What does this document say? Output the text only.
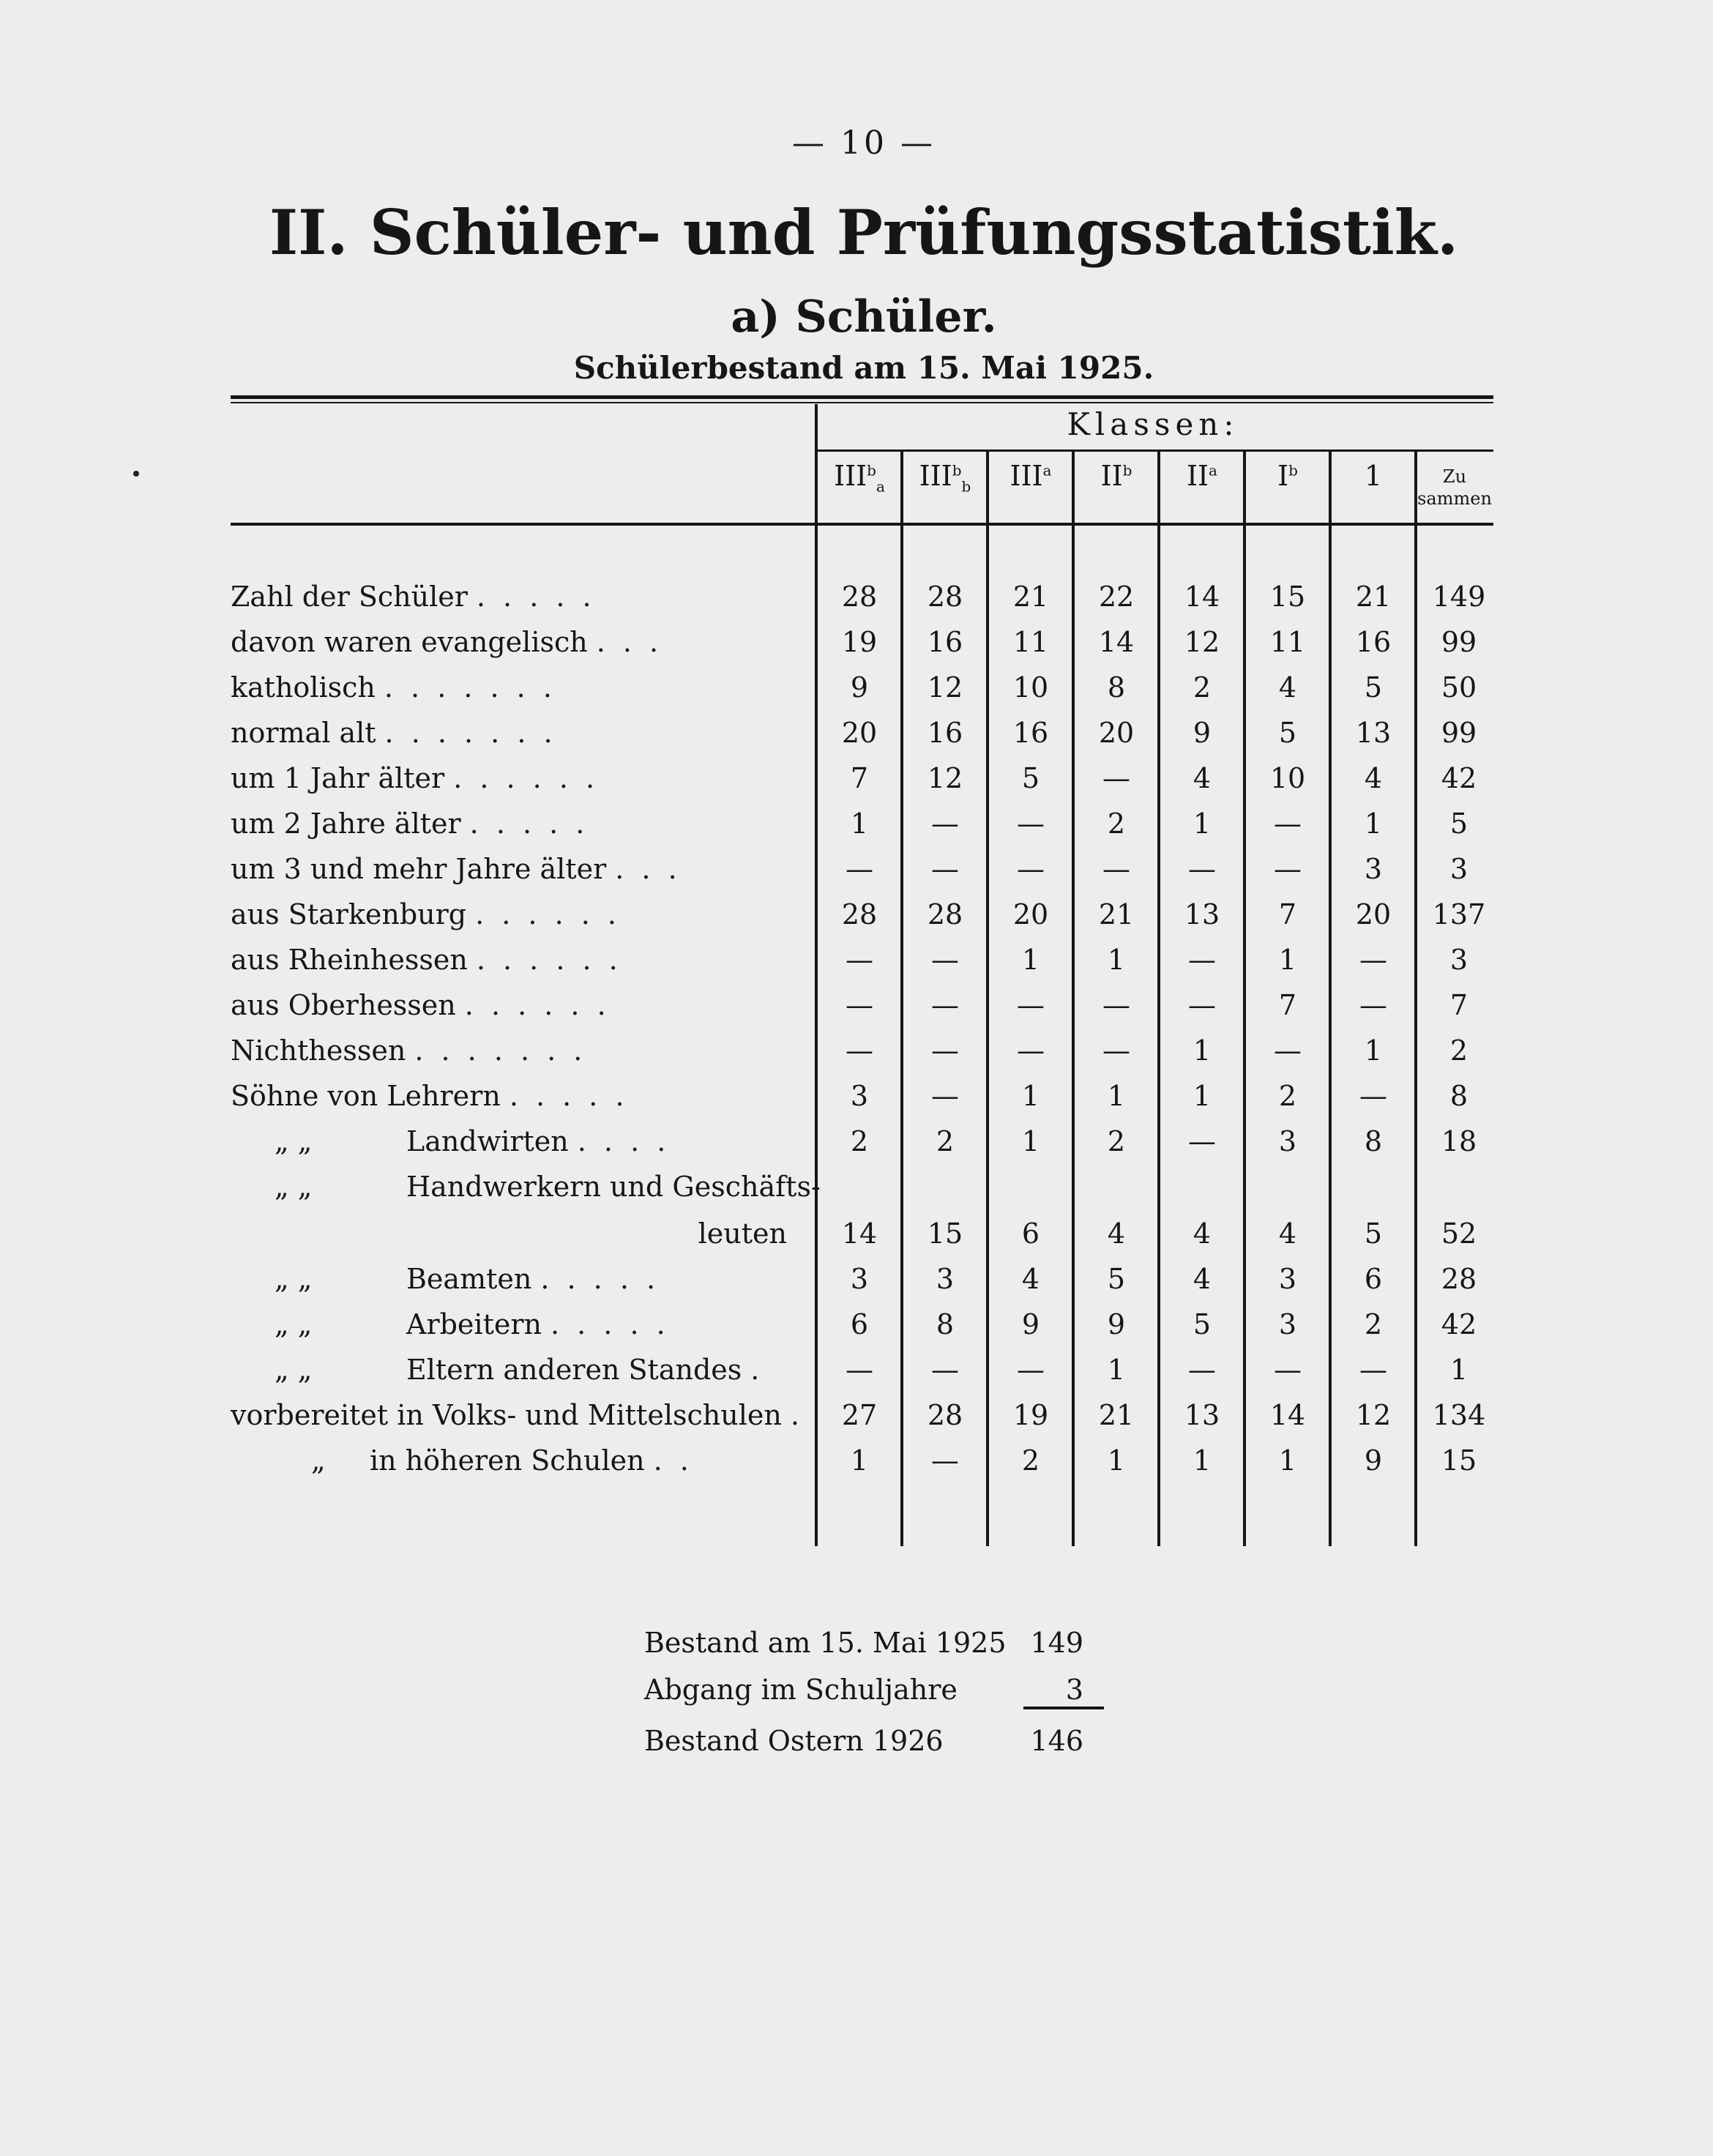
— 10 —
II. Schüler- und Prüfungsstatistik.
a) Schüler.
Schülerbestand am 15. Mai 1925.
Klassen:
$III^b_a$	$III^b_b$	III$^a$	$II^b$	$II^a$	$I^b$	1	Zu
sammen
Zahl der Schüler . . . . .	28	28	21	22	14	15	21	149
davon waren evangelisch . . .	19	16	11	14	12	11	16	99
katholisch . . . . . . .	9	12	10	8	2	4	5	50
normal alt . . . . . . .	20	16	16	20	9	5	13	99
um 1 Jahr älter . . . . . .	7	12	5	—	4	10	4	42
um 2 Jahre älter . . . . .	1	—	—	2	1	—	1	5
um 3 und mehr Jahre älter . . .	—	—	—	—	—	—	3	3
aus Starkenburg . . . . . .	28	28	20	21	13	7	20	137
aus Rheinhessen . . . . . .	—	—	1	1	—	1	—	3
aus Oberhessen . . . . . .	—	—	—	—	—	7	—	7
Nichthessen . . . . . . .	—	—	—	—	1	—	1	2
Söhne von Lehrern . . . . .	3	—	1	1	1	2	—	8
„ „	Landwirten . . . .	2	2	1	2	—	3	8	18
„ „	Handwerkern und Geschäfts-
leuten	14	15	6	4	4	4	5	52
„ „	Beamten . . . . .	3	3	4	5	4	3	6	28
„ „	Arbeitern . . . . .	6	8	9	9	5	3	2	42
„ „	Eltern anderen Standes .	—	—	—	1	—	—	—	1
vorbereitet in Volks- und Mittelschulen .	27	28	19	21	13	14	12	134
„ in höheren Schulen . .	1	—	2	1	1	1	9	15
Bestand am 15. Mai 1925 149
Abgang im Schuljahre	3
Bestand Ostern 1926	146
